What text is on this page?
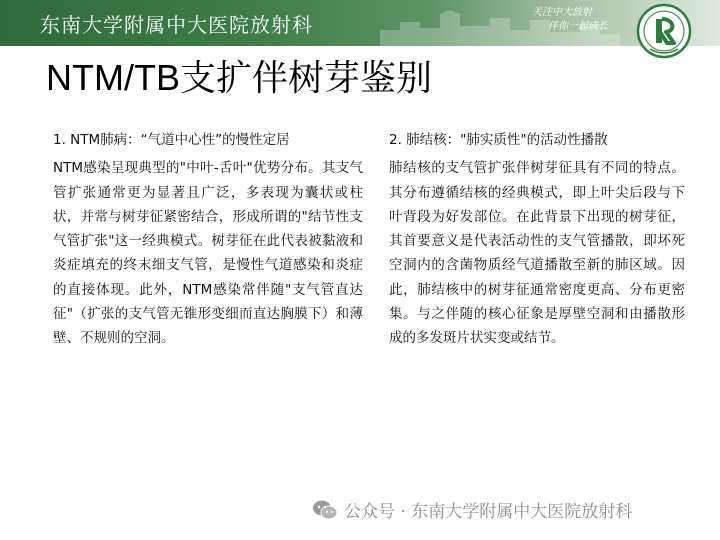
东南大学附属中大医院放射科
关注中大放射
伴你一起成长
NTM/TB支扩伴树芽鉴别
1. NTM肺病：“气道中心性”的慢性定居
NTM感染呈现典型的"中叶-舌叶"优势分布。其支气管扩张通常更为显著且广泛，多表现为囊状或柱状，并常与树芽征紧密结合，形成所谓的"结节性支气管扩张"这一经典模式。树芽征在此代表被黏液和炎症填充的终末细支气管，是慢性气道感染和炎症的直接体现。此外，NTM感染常伴随"支气管直达征"（扩张的支气管无锥形变细而直达胸膜下）和薄壁、不规则的空洞。
2. 肺结核："肺实质性"的活动性播散
肺结核的支气管扩张伴树芽征具有不同的特点。其分布遵循结核的经典模式，即上叶尖后段与下叶背段为好发部位。在此背景下出现的树芽征，其首要意义是代表活动性的支气管播散，即坏死空洞内的含菌物质经气道播散至新的肺区域。因此，肺结核中的树芽征通常密度更高、分布更密集。与之伴随的核心征象是厚壁空洞和由播散形成的多发斑片状实变或结节。
公众号 · 东南大学附属中大医院放射科
